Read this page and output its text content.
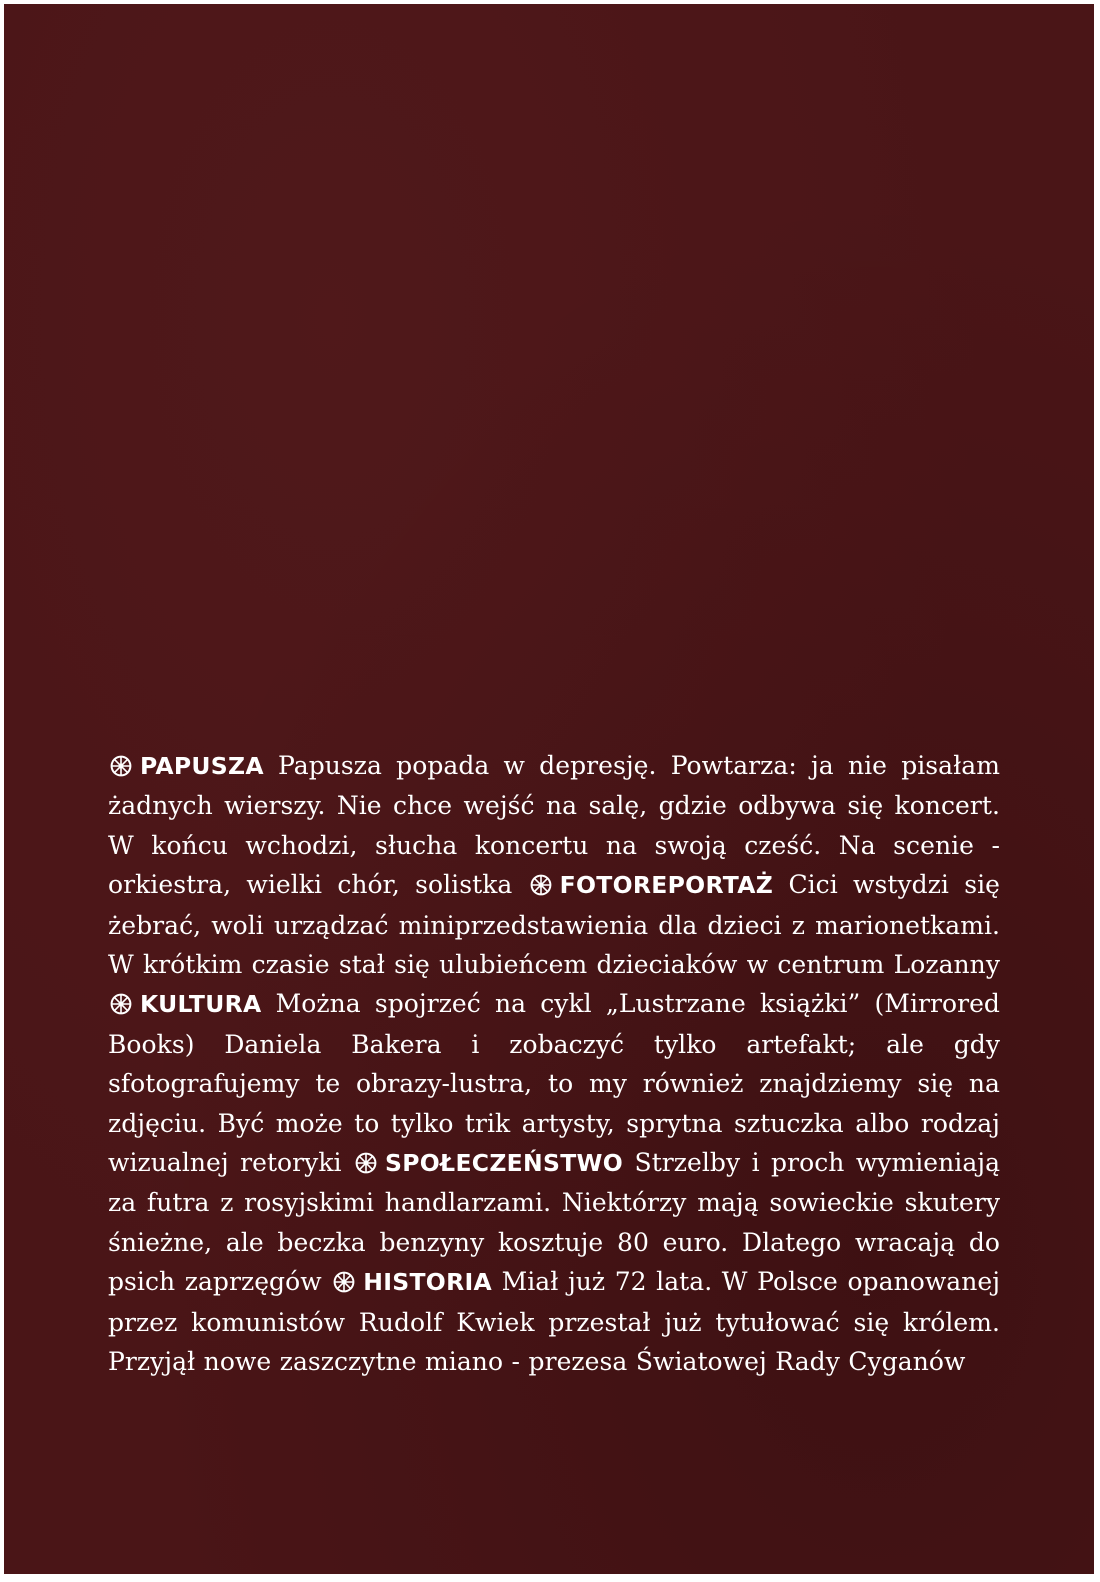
PAPUSZA Papusza popada w depresję. Powtarza: ja nie pisałam żadnych wierszy. Nie chce wejść na salę, gdzie odbywa się koncert. W końcu wchodzi, słucha koncertu na swoją cześć. Na scenie - orkiestra, wielki chór, solistka FOTOREPORTAŻ Cici wstydzi się żebrać, woli urządzać miniprzedstawienia dla dzieci z marionetkami. W krótkim czasie stał się ulubieńcem dzieciaków w centrum Lozanny
KULTURA Można spojrzeć na cykl „Lustrzane książki” (Mirrored Books) Daniela Bakera i zobaczyć tylko artefakt; ale gdy sfotografujemy te obrazy-lustra, to my również znajdziemy się na zdjęciu. Być może to tylko trik artysty, sprytna sztuczka albo rodzaj wizualnej retoryki SPOŁECZEŃSTWO Strzelby i proch wymieniają za futra z rosyjskimi handlarzami. Niektórzy mają sowieckie skutery śnieżne, ale beczka benzyny kosztuje 80 euro. Dlatego wracają do psich zaprzęgów HISTORIA Miał już 72 lata. W Polsce opanowanej przez komunistów Rudolf Kwiek przestał już tytułować się królem. Przyjął nowe zaszczytne miano - prezesa Światowej Rady Cyganów
